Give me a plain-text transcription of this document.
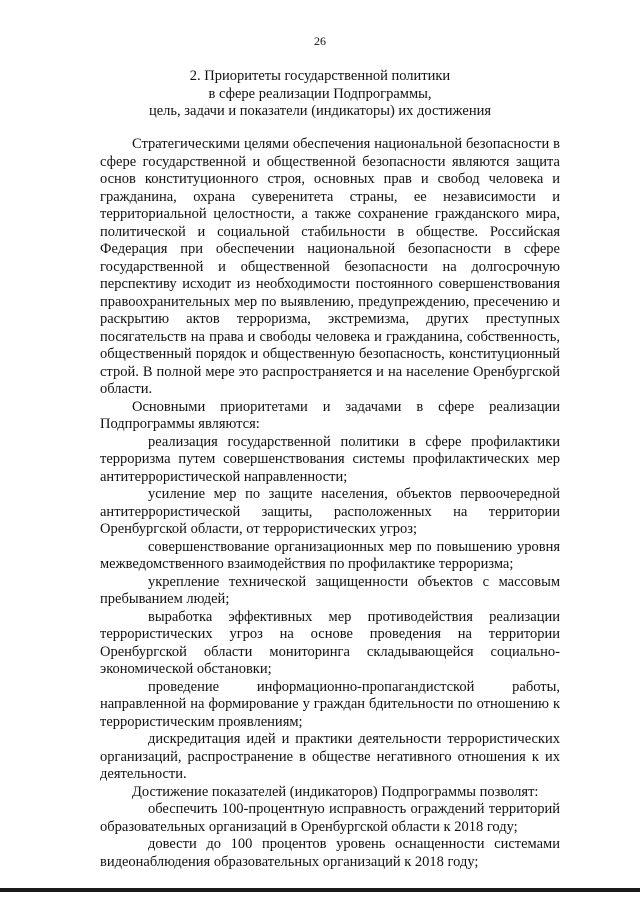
26
2. Приоритеты государственной политики
в сфере реализации Подпрограммы,
цель, задачи и показатели (индикаторы) их достижения

Стратегическими целями обеспечения национальной безопасности в сфере государственной и общественной безопасности являются защита основ конституционного строя, основных прав и свобод человека и гражданина, охрана суверенитета страны, ее независимости и территориальной целостности, а также сохранение гражданского мира, политической и социальной стабильности в обществе. Российская Федерация при обеспечении национальной безопасности в сфере государственной и общественной безопасности на долгосрочную перспективу исходит из необходимости постоянного совершенствования правоохранительных мер по выявлению, предупреждению, пресечению и раскрытию актов терроризма, экстремизма, других преступных посягательств на права и свободы человека и гражданина, собственность, общественный порядок и общественную безопасность, конституционный строй. В полной мере это распространяется и на население Оренбургской области.

Основными приоритетами и задачами в сфере реализации Подпрограммы являются:

реализация государственной политики в сфере профилактики терроризма путем совершенствования системы профилактических мер антитеррористической направленности;

усиление мер по защите населения, объектов первоочередной антитеррористической защиты, расположенных на территории Оренбургской области, от террористических угроз;

совершенствование организационных мер по повышению уровня межведомственного взаимодействия по профилактике терроризма;

укрепление технической защищенности объектов с массовым пребыванием людей;

выработка эффективных мер противодействия реализации террористических угроз на основе проведения на территории Оренбургской области мониторинга складывающейся социально-экономической обстановки;

проведение информационно-пропагандистской работы, направленной на формирование у граждан бдительности по отношению к террористическим проявлениям;

дискредитация идей и практики деятельности террористических организаций, распространение в обществе негативного отношения к их деятельности.

Достижение показателей (индикаторов) Подпрограммы позволят:

обеспечить 100-процентную исправность ограждений территорий образовательных организаций в Оренбургской области к 2018 году;

довести до 100 процентов уровень оснащенности системами видеонаблюдения образовательных организаций к 2018 году;
